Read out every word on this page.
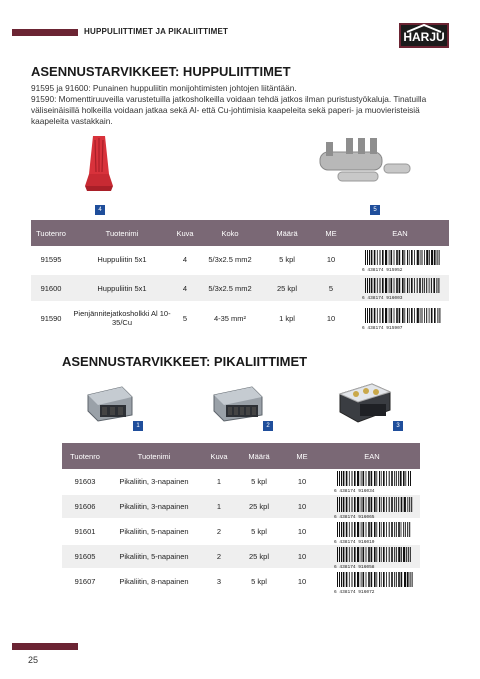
HUPPULIITTIMET JA PIKALIITTIMET	HARJU
ASENNUSTARVIKKEET: HUPPULIITTIMET
91595 ja 91600: Punainen huppuliitin monijohtimisten johtojen liitäntään.
91590: Momenttiruuveilla varustetuilla jatkosholkeilla voidaan tehdä jatkos ilman puristustyökaluja. Tinatuilla väliseinäisillä holkeilla voidaan jatkaa sekä Al- että Cu-johtimisia kaapeleita sekä paperi- ja muovieristeisiä kaapeleita vastakkain.
4	5
Tuotenro	Tuotenimi	Kuva	Koko	Määrä	ME	EAN
91595	Huppuliitin 5x1	4	5/3x2.5 mm2	5 kpl	10	6 438174 915952

91600	Huppuliitin 5x1	4	5/3x2.5 mm2	25 kpl	5	6 438174 916003

91590	Pienjännitejatkosholkki Al 10-35/Cu	5	4-35 mm²	1 kpl	10	6 438174 915907
ASENNUSTARVIKKEET: PIKALIITTIMET
1	2	3
Tuotenro	Tuotenimi	Kuva	Määrä	ME	EAN
91603	Pikaliitin, 3-napainen	1	5 kpl	10	6 438174 916034

91606	Pikaliitin, 3-napainen	1	25 kpl	10	6 438174 916065

91601	Pikaliitin, 5-napainen	2	5 kpl	10	6 438174 916010

91605	Pikaliitin, 5-napainen	2	25 kpl	10	6 438174 916058

91607	Pikaliitin, 8-napainen	3	5 kpl	10	6 438174 916072
25
